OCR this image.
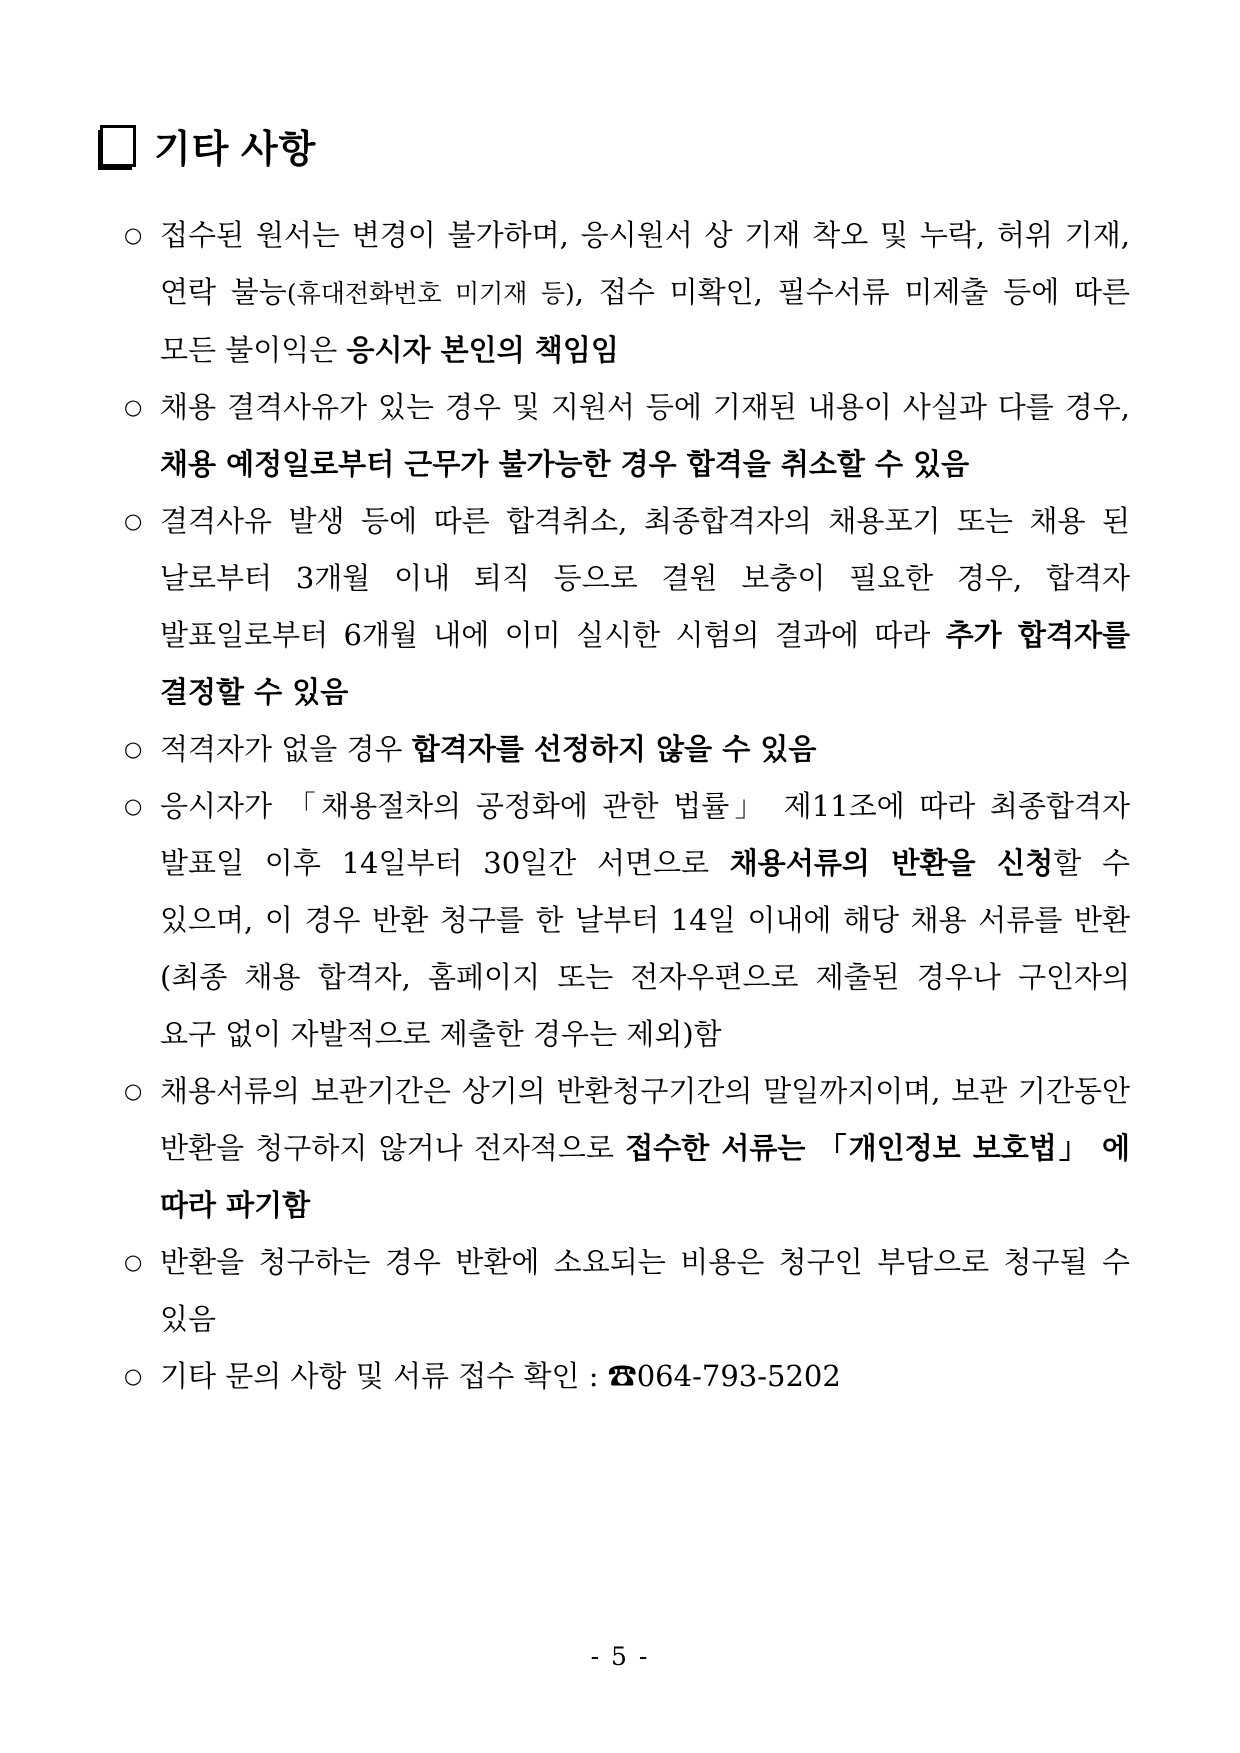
기타 사항
○ 접수된 원서는 변경이 불가하며, 응시원서 상 기재 착오 및 누락, 허위 기재, 연락 불능(휴대전화번호 미기재 등), 접수 미확인, 필수서류 미제출 등에 따른 모든 불이익은 응시자 본인의 책임임
○ 채용 결격사유가 있는 경우 및 지원서 등에 기재된 내용이 사실과 다를 경우, 채용 예정일로부터 근무가 불가능한 경우 합격을 취소할 수 있음
○ 결격사유 발생 등에 따른 합격취소, 최종합격자의 채용포기 또는 채용 된 날로부터 3개월 이내 퇴직 등으로 결원 보충이 필요한 경우, 합격자 발표일로부터 6개월 내에 이미 실시한 시험의 결과에 따라 추가 합격자를 결정할 수 있음
○ 적격자가 없을 경우 합격자를 선정하지 않을 수 있음
○ 응시자가 「채용절차의 공정화에 관한 법률」 제11조에 따라 최종합격자 발표일 이후 14일부터 30일간 서면으로 채용서류의 반환을 신청할 수 있으며, 이 경우 반환 청구를 한 날부터 14일 이내에 해당 채용 서류를 반환(최종 채용 합격자, 홈페이지 또는 전자우편으로 제출된 경우나 구인자의 요구 없이 자발적으로 제출한 경우는 제외)함
○ 채용서류의 보관기간은 상기의 반환청구기간의 말일까지이며, 보관 기간동안 반환을 청구하지 않거나 전자적으로 접수한 서류는 「개인정보 보호법」 에 따라 파기함
○ 반환을 청구하는 경우 반환에 소요되는 비용은 청구인 부담으로 청구될 수 있음
○ 기타 문의 사항 및 서류 접수 확인 : ☎064-793-5202
- 5 -
